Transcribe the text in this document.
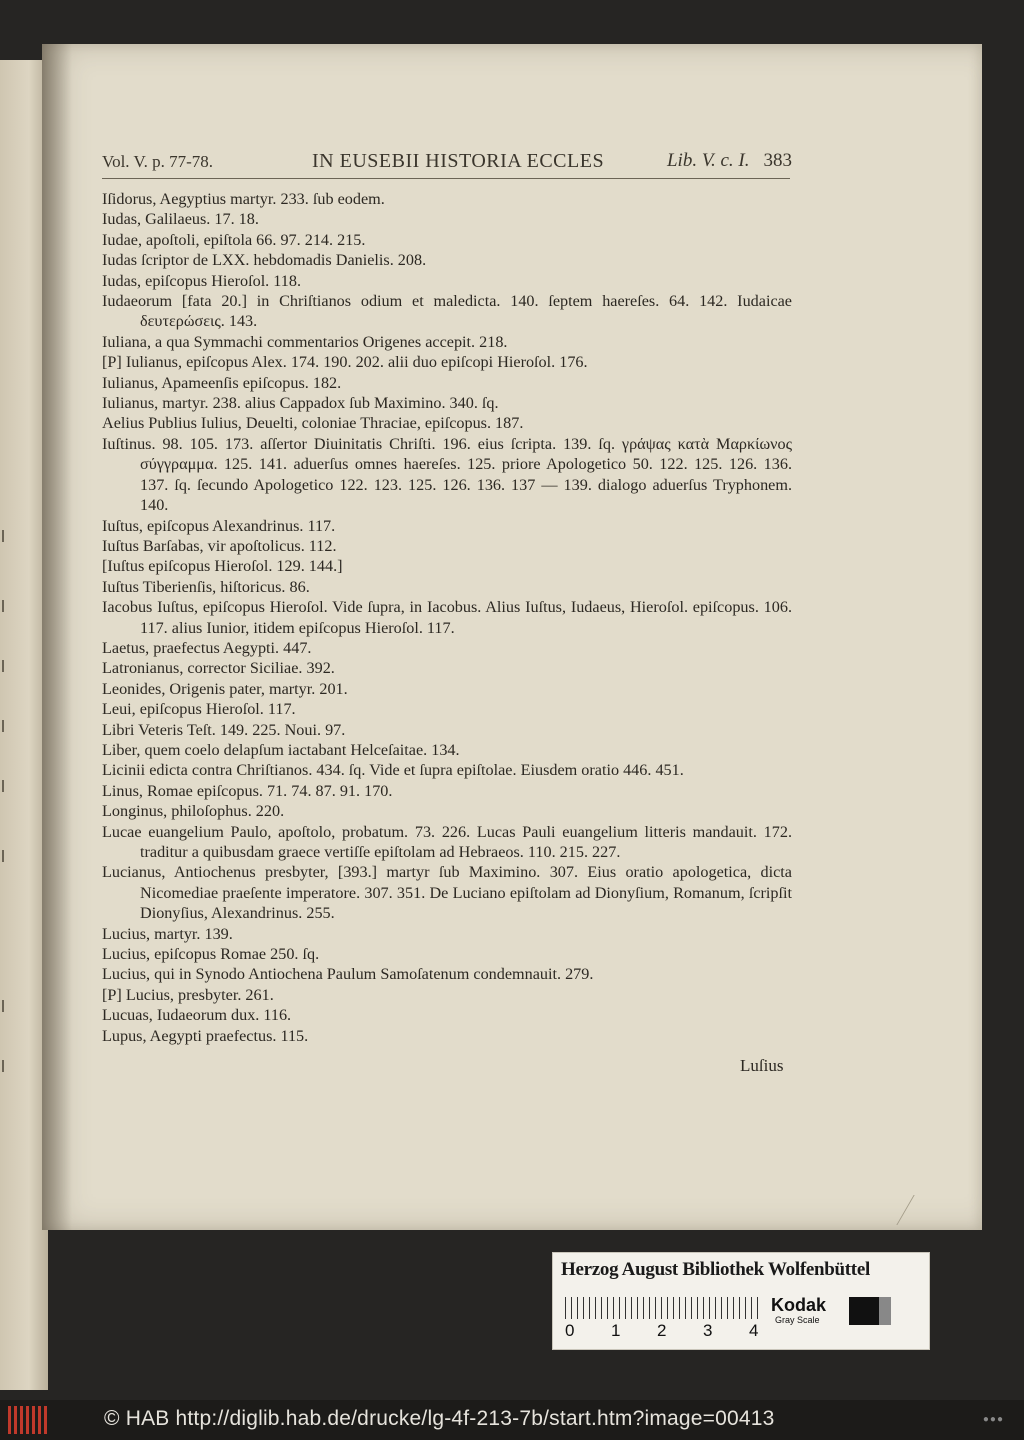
Vol. V. p. 77-78.	IN EUSEBII HISTORIA ECCLES	Lib. V. c. I. 383
Iſidorus, Aegyptius martyr. 233. ſub eodem.
Iudas, Galilaeus. 17. 18.
Iudae, apoſtoli, epiſtola 66. 97. 214. 215.
Iudas ſcriptor de LXX. hebdomadis Danielis. 208.
Iudas, epiſcopus Hieroſol. 118.
Iudaeorum [fata 20.] in Chriſtianos odium et maledicta. 140. ſeptem haereſes. 64. 142. Iudaicae δευτερώσεις. 143.
Iuliana, a qua Symmachi commentarios Origenes accepit. 218.
[P] Iulianus, epiſcopus Alex. 174. 190. 202. alii duo epiſcopi Hieroſol. 176.
Iulianus, Apameenſis epiſcopus. 182.
Iulianus, martyr. 238. alius Cappadox ſub Maximino. 340. ſq.
Aelius Publius Iulius, Deuelti, coloniae Thraciae, epiſcopus. 187.
Iuſtinus. 98. 105. 173. aſſertor Diuinitatis Chriſti. 196. eius ſcripta. 139. ſq. γράψας κατὰ Μαρκίωνος σύγγραμμα. 125. 141. aduerſus omnes haereſes. 125. priore Apologetico 50. 122. 125. 126. 136. 137. ſq. ſecundo Apologetico 122. 123. 125. 126. 136. 137 — 139. dialogo aduerſus Tryphonem. 140.
Iuſtus, epiſcopus Alexandrinus. 117.
Iuſtus Barſabas, vir apoſtolicus. 112.
[Iuſtus epiſcopus Hieroſol. 129. 144.]
Iuſtus Tiberienſis, hiſtoricus. 86.
Iacobus Iuſtus, epiſcopus Hieroſol. Vide ſupra, in Iacobus. Alius Iuſtus, Iudaeus, Hieroſol. epiſcopus. 106. 117. alius Iunior, itidem epiſcopus Hieroſol. 117.
Laetus, praefectus Aegypti. 447.
Latronianus, corrector Siciliae. 392.
Leonides, Origenis pater, martyr. 201.
Leui, epiſcopus Hieroſol. 117.
Libri Veteris Teſt. 149. 225. Noui. 97.
Liber, quem coelo delapſum iactabant Helceſaitae. 134.
Licinii edicta contra Chriſtianos. 434. ſq. Vide et ſupra epiſtolae. Eiusdem oratio 446. 451.
Linus, Romae epiſcopus. 71. 74. 87. 91. 170.
Longinus, philoſophus. 220.
Lucae euangelium Paulo, apoſtolo, probatum. 73. 226. Lucas Pauli euangelium litteris mandauit. 172. traditur a quibusdam graece vertiſſe epiſtolam ad Hebraeos. 110. 215. 227.
Lucianus, Antiochenus presbyter, [393.] martyr ſub Maximino. 307. Eius oratio apologetica, dicta Nicomediae praeſente imperatore. 307. 351. De Luciano epiſtolam ad Dionyſium, Romanum, ſcripſit Dionyſius, Alexandrinus. 255.
Lucius, martyr. 139.
Lucius, epiſcopus Romae 250. ſq.
Lucius, qui in Synodo Antiochena Paulum Samoſatenum condemnauit. 279.
[P] Lucius, presbyter. 261.
Lucuas, Iudaeorum dux. 116.
Lupus, Aegypti praefectus. 115.
Luſius
Herzog August Bibliothek Wolfenbüttel
0 1 2 3 4
Kodak
Gray Scale
© HAB http://diglib.hab.de/drucke/lg-4f-213-7b/start.htm?image=00413	●●●
